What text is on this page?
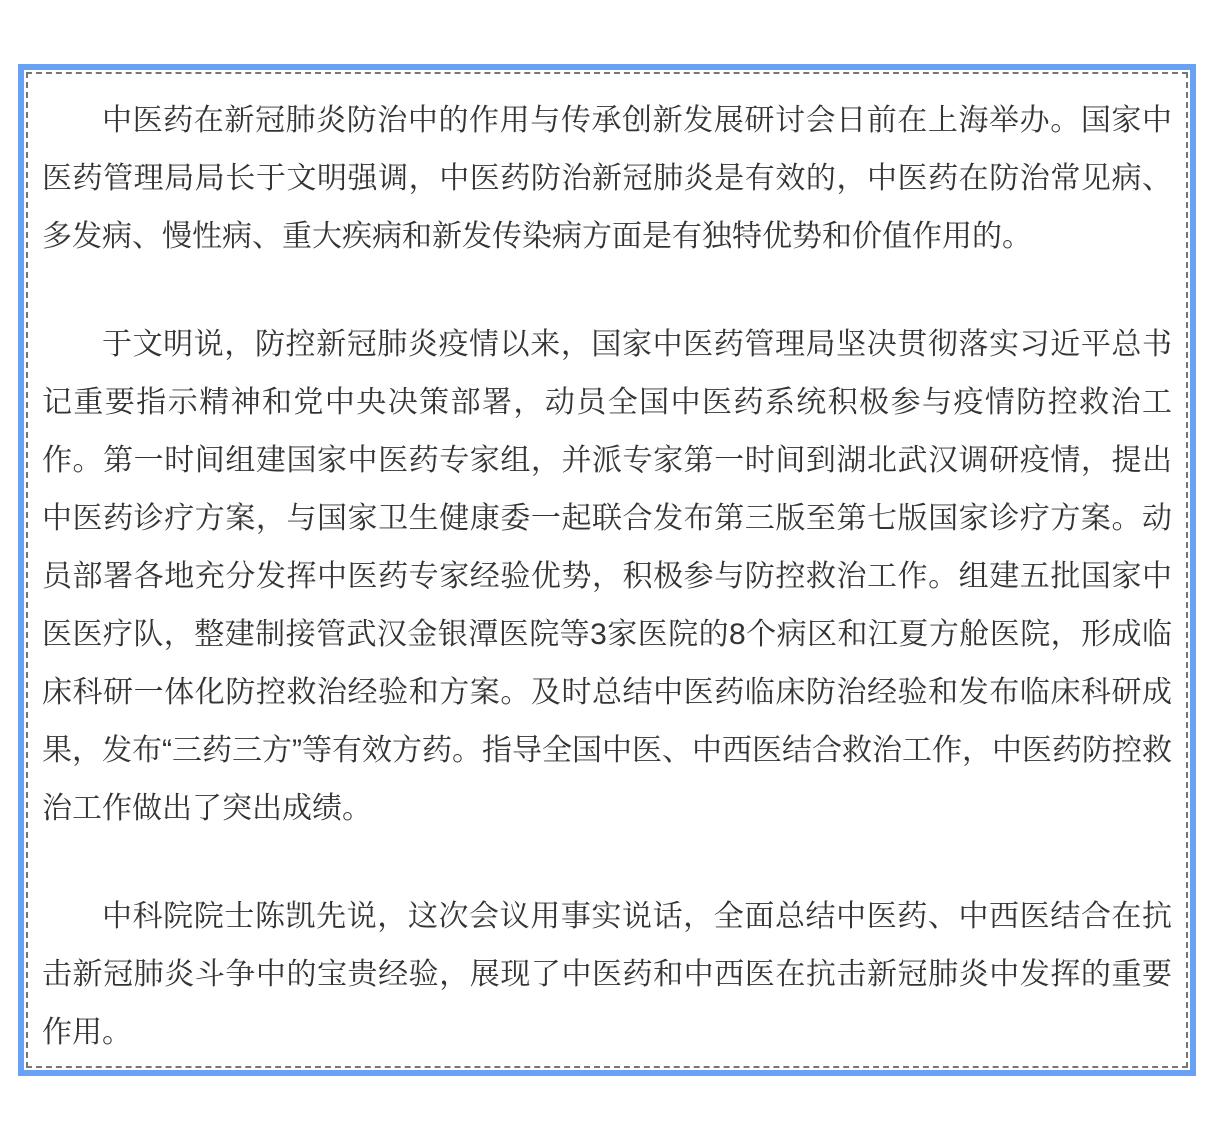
中医药在新冠肺炎防治中的作用与传承创新发展研讨会日前在上海举办。国家中医药管理局局长于文明强调，中医药防治新冠肺炎是有效的，中医药在防治常见病、多发病、慢性病、重大疾病和新发传染病方面是有独特优势和价值作用的。

于文明说，防控新冠肺炎疫情以来，国家中医药管理局坚决贯彻落实习近平总书记重要指示精神和党中央决策部署，动员全国中医药系统积极参与疫情防控救治工作。第一时间组建国家中医药专家组，并派专家第一时间到湖北武汉调研疫情，提出中医药诊疗方案，与国家卫生健康委一起联合发布第三版至第七版国家诊疗方案。动员部署各地充分发挥中医药专家经验优势，积极参与防控救治工作。组建五批国家中医医疗队，整建制接管武汉金银潭医院等3家医院的8个病区和江夏方舱医院，形成临床科研一体化防控救治经验和方案。及时总结中医药临床防治经验和发布临床科研成果，发布“三药三方”等有效方药。指导全国中医、中西医结合救治工作，中医药防控救治工作做出了突出成绩。

中科院院士陈凯先说，这次会议用事实说话，全面总结中医药、中西医结合在抗击新冠肺炎斗争中的宝贵经验，展现了中医药和中西医在抗击新冠肺炎中发挥的重要作用。
